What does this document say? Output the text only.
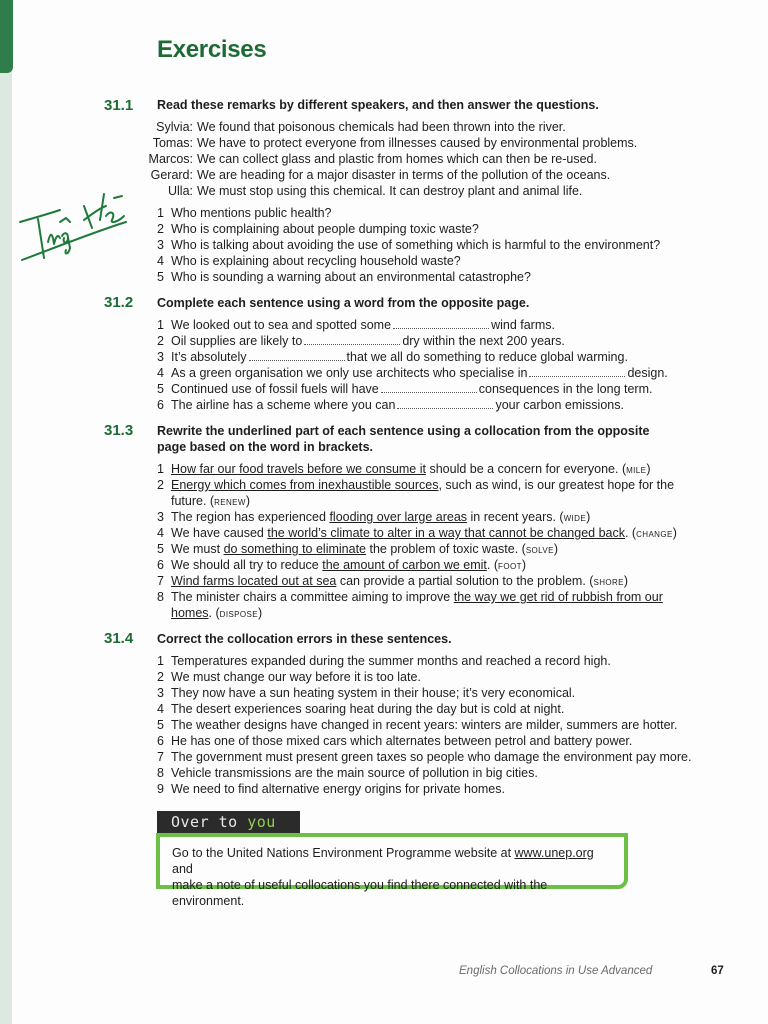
Exercises
31.1 Read these remarks by different speakers, and then answer the questions.
Sylvia: We found that poisonous chemicals had been thrown into the river.
Tomas: We have to protect everyone from illnesses caused by environmental problems.
Marcos: We can collect glass and plastic from homes which can then be re-used.
Gerard: We are heading for a major disaster in terms of the pollution of the oceans.
Ulla: We must stop using this chemical. It can destroy plant and animal life.
1 Who mentions public health?
2 Who is complaining about people dumping toxic waste?
3 Who is talking about avoiding the use of something which is harmful to the environment?
4 Who is explaining about recycling household waste?
5 Who is sounding a warning about an environmental catastrophe?
31.2 Complete each sentence using a word from the opposite page.
1 We looked out to sea and spotted some	wind farms.
2 Oil supplies are likely to	dry within the next 200 years.
3 It’s absolutely	that we all do something to reduce global warming.
4 As a green organisation we only use architects who specialise in	design.
5 Continued use of fossil fuels will have	consequences in the long term.
6 The airline has a scheme where you can	your carbon emissions.
31.3 Rewrite the underlined part of each sentence using a collocation from the opposite page based on the word in brackets.
1 How far our food travels before we consume it should be a concern for everyone. (mile)
2 Energy which comes from inexhaustible sources, such as wind, is our greatest hope for the
future. (renew)
3 The region has experienced flooding over large areas in recent years. (wide)
4 We have caused the world’s climate to alter in a way that cannot be changed back. (change)
5 We must do something to eliminate the problem of toxic waste. (solve)
6 We should all try to reduce the amount of carbon we emit. (foot)
7 Wind farms located out at sea can provide a partial solution to the problem. (shore)
8 The minister chairs a committee aiming to improve the way we get rid of rubbish from our
homes. (dispose)
31.4 Correct the collocation errors in these sentences.
1 Temperatures expanded during the summer months and reached a record high.
2 We must change our way before it is too late.
3 They now have a sun heating system in their house; it’s very economical.
4 The desert experiences soaring heat during the day but is cold at night.
5 The weather designs have changed in recent years: winters are milder, summers are hotter.
6 He has one of those mixed cars which alternates between petrol and battery power.
7 The government must present green taxes so people who damage the environment pay more.
8 Vehicle transmissions are the main source of pollution in big cities.
9 We need to find alternative energy origins for private homes.
Over to you
Go to the United Nations Environment Programme website at www.unep.org and
make a note of useful collocations you find there connected with the environment.
English Collocations in Use Advanced	67
